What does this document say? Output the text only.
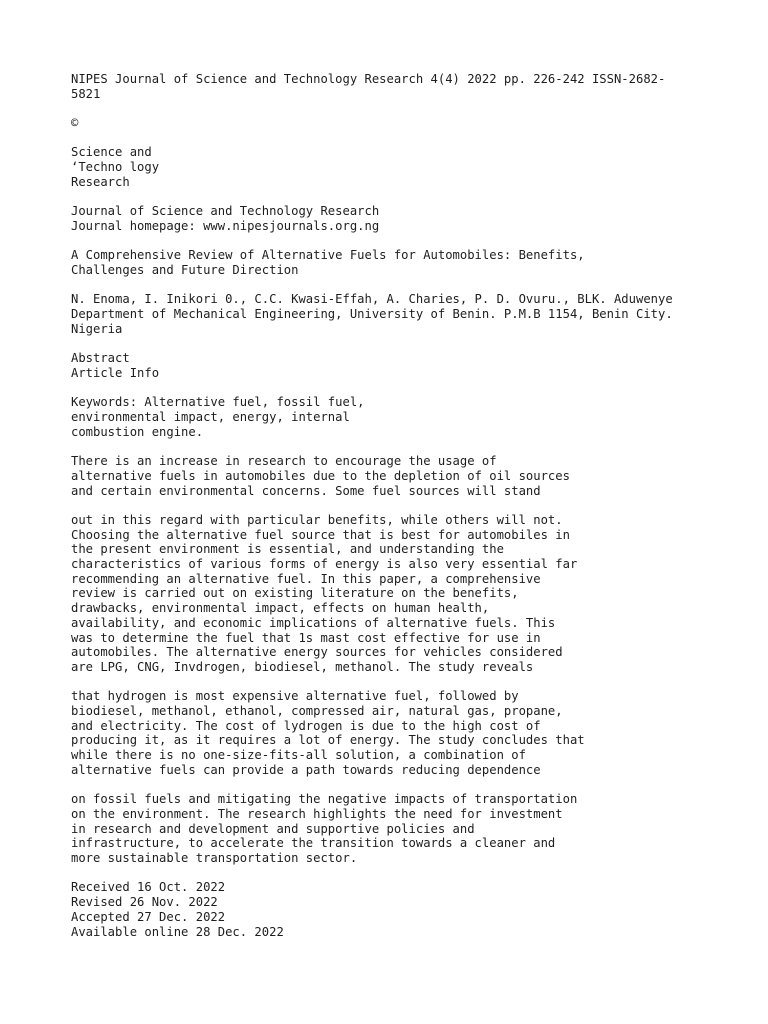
NIPES Journal of Science and Technology Research 4(4) 2022 pp. 226-242 ISSN-2682-
5821
©
Science and
‘Techno logy
Research
Journal of Science and Technology Research
Journal homepage: www.nipesjournals.org.ng
A Comprehensive Review of Alternative Fuels for Automobiles: Benefits,
Challenges and Future Direction
N. Enoma, I. Inikori 0., C.C. Kwasi-Effah, A. Charies, P. D. Ovuru., BLK. Aduwenye
Department of Mechanical Engineering, University of Benin. P.M.B 1154, Benin City.
Nigeria
Abstract
Article Info
Keywords: Alternative fuel, fossil fuel,
environmental impact, energy, internal
combustion engine.
There is an increase in research to encourage the usage of
alternative fuels in automobiles due to the depletion of oil sources
and certain environmental concerns. Some fuel sources will stand
out in this regard with particular benefits, while others will not.
Choosing the alternative fuel source that is best for automobiles in
the present environment is essential, and understanding the
characteristics of various forms of energy is also very essential far
recommending an alternative fuel. In this paper, a comprehensive
review is carried out on existing literature on the benefits,
drawbacks, environmental impact, effects on human health,
availability, and economic implications of alternative fuels. This
was to determine the fuel that 1s mast cost effective for use in
automobiles. The alternative energy sources for vehicles considered
are LPG, CNG, Invdrogen, biodiesel, methanol. The study reveals
that hydrogen is most expensive alternative fuel, followed by
biodiesel, methanol, ethanol, compressed air, natural gas, propane,
and electricity. The cost of lydrogen is due to the high cost of
producing it, as it requires a lot of energy. The study concludes that
while there is no one-size-fits-all solution, a combination of
alternative fuels can provide a path towards reducing dependence
on fossil fuels and mitigating the negative impacts of transportation
on the environment. The research highlights the need for investment
in research and development and supportive policies and
infrastructure, to accelerate the transition towards a cleaner and
more sustainable transportation sector.
Received 16 Oct. 2022
Revised 26 Nov. 2022
Accepted 27 Dec. 2022
Available online 28 Dec. 2022
